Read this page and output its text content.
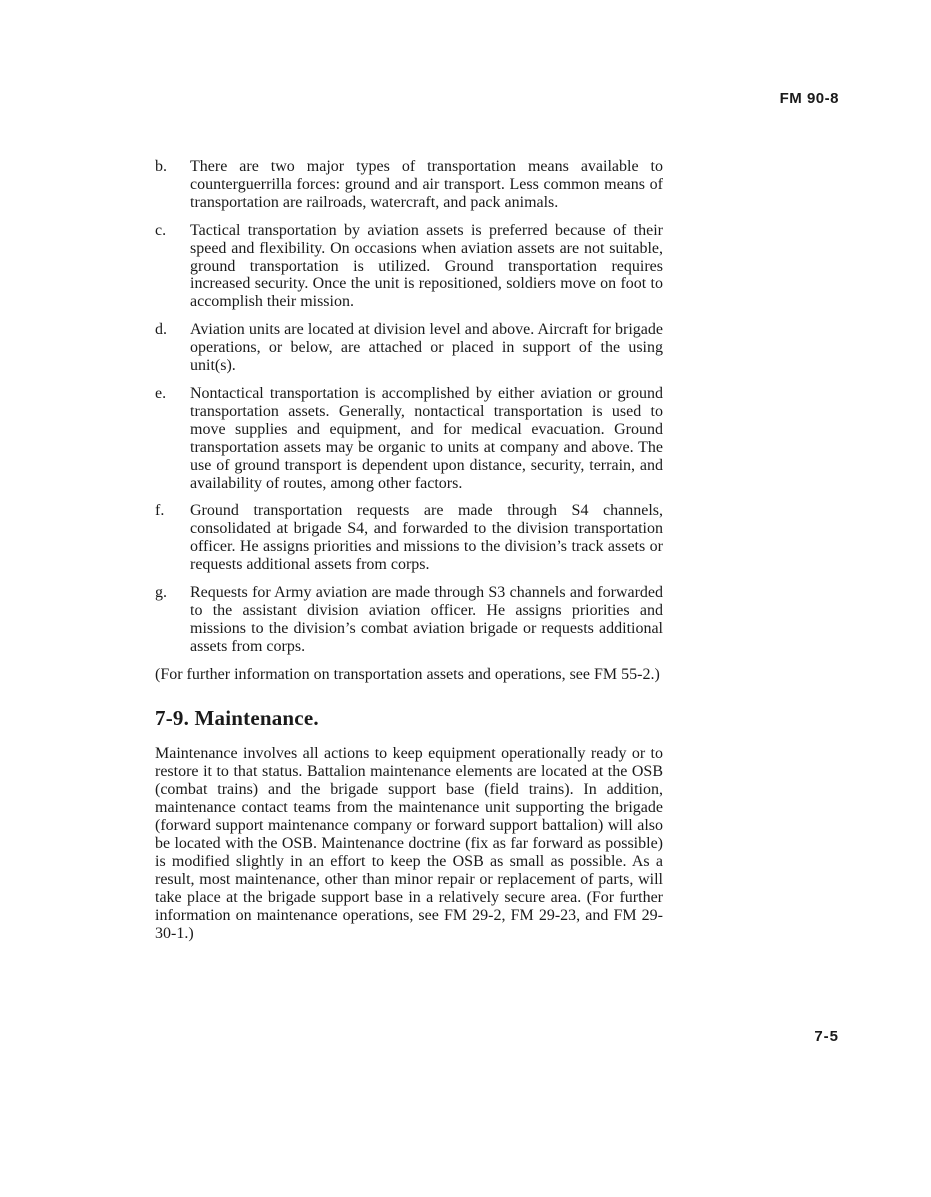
FM 90-8
b.	There are two major types of transportation means available to counterguerrilla forces: ground and air transport. Less common means of transportation are railroads, watercraft, and pack animals.
c.	Tactical transportation by aviation assets is preferred because of their speed and flexibility. On occasions when aviation assets are not suitable, ground transportation is utilized. Ground transportation requires increased security. Once the unit is repositioned, soldiers move on foot to accomplish their mission.
d.	Aviation units are located at division level and above. Aircraft for brigade operations, or below, are attached or placed in support of the using unit(s).
e.	Nontactical transportation is accomplished by either aviation or ground transportation assets. Generally, nontactical transportation is used to move supplies and equipment, and for medical evacuation. Ground transportation assets may be organic to units at company and above. The use of ground transport is dependent upon distance, security, terrain, and availability of routes, among other factors.
f.	Ground transportation requests are made through S4 channels, consolidated at brigade S4, and forwarded to the division transportation officer. He assigns priorities and missions to the division’s track assets or requests additional assets from corps.
g.	Requests for Army aviation are made through S3 channels and forwarded to the assistant division aviation officer. He assigns priorities and missions to the division’s combat aviation brigade or requests additional assets from corps.

(For further information on transportation assets and operations, see FM 55-2.)

7-9. Maintenance.

Maintenance involves all actions to keep equipment operationally ready or to restore it to that status. Battalion maintenance elements are located at the OSB (combat trains) and the brigade support base (field trains). In addition, maintenance contact teams from the maintenance unit supporting the brigade (forward support maintenance company or forward support battalion) will also be located with the OSB. Maintenance doctrine (fix as far forward as possible) is modified slightly in an effort to keep the OSB as small as possible. As a result, most maintenance, other than minor repair or replacement of parts, will take place at the brigade support base in a relatively secure area. (For further information on maintenance operations, see FM 29-2, FM 29-23, and FM 29-30-1.)

7-5
